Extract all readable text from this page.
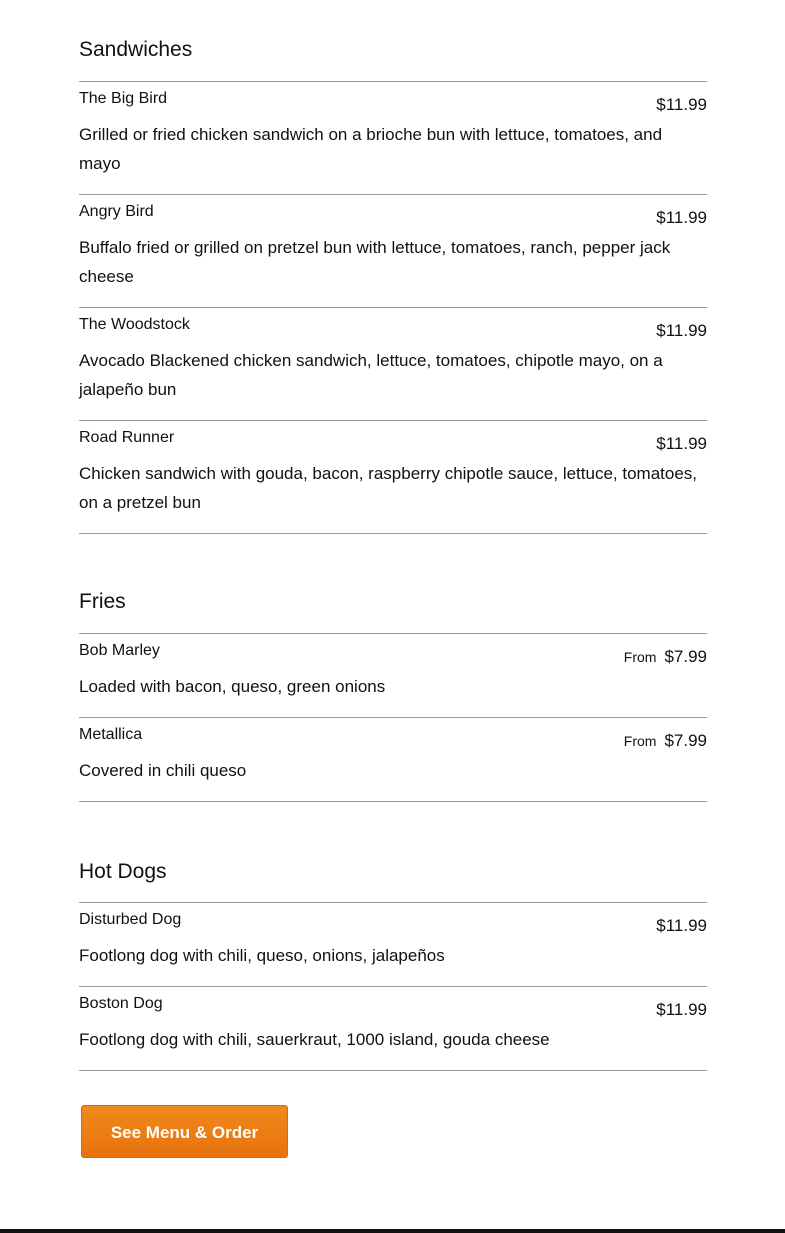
Sandwiches
The Big Bird	$11.99

Grilled or fried chicken sandwich on a brioche bun with lettuce, tomatoes, and mayo

Angry Bird	$11.99

Buffalo fried or grilled on pretzel bun with lettuce, tomatoes, ranch, pepper jack cheese

The Woodstock	$11.99

Avocado Blackened chicken sandwich, lettuce, tomatoes, chipotle mayo, on a jalapeño bun

Road Runner	$11.99

Chicken sandwich with gouda, bacon, raspberry chipotle sauce, lettuce, tomatoes, on a pretzel bun

Fries
Bob Marley	From $7.99

Loaded with bacon, queso, green onions

Metallica	From $7.99

Covered in chili queso

Hot Dogs
Disturbed Dog	$11.99

Footlong dog with chili, queso, onions, jalapeños

Boston Dog	$11.99

Footlong dog with chili, sauerkraut, 1000 island, gouda cheese

See Menu & Order
